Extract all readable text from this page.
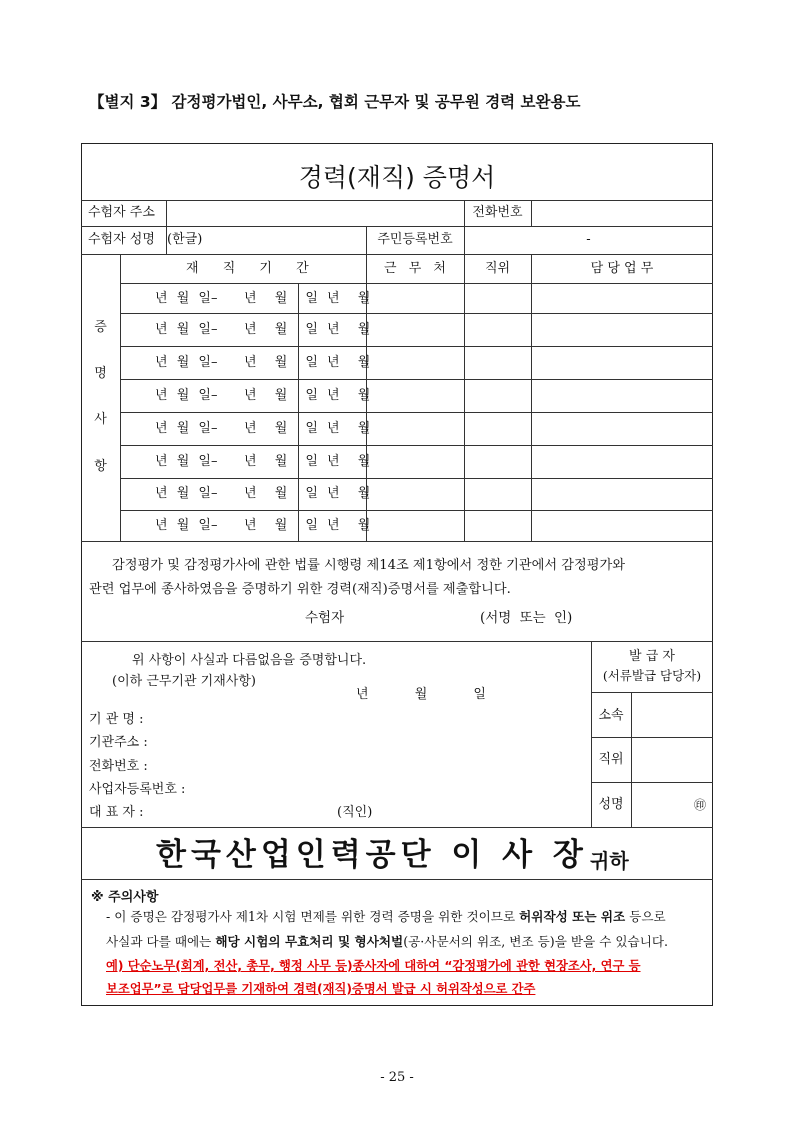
【별지 3】 감정평가법인, 사무소, 협회 근무자 및 공무원 경력 보완용도
경력(재직) 증명서
수험자 주소	전화번호
수험자 성명 (한글)	주민등록번호	-
증
명
사
항
재 직 기 간	근 무 처	직위	담 당 업 무
년 월 일– 년 월 일 년 월
년 월 일– 년 월 일 년 월
년 월 일– 년 월 일 년 월
년 월 일– 년 월 일 년 월
년 월 일– 년 월 일 년 월
년 월 일– 년 월 일 년 월
년 월 일– 년 월 일 년 월
년 월 일– 년 월 일 년 월
감정평가 및 감정평가사에 관한 법률 시행령 제14조 제1항에서 정한 기관에서 감정평가와
관련 업무에 종사하였음을 증명하기 위한 경력(재직)증명서를 제출합니다.
수험자	(서명 또는 인)
위 사항이 사실과 다름없음을 증명합니다.
(이하 근무기관 기재사항)
년 월 일
기 관 명 :
기관주소 :
전화번호 :
사업자등록번호 :
대 표 자 :	(직인)
발 급 자
(서류발급 담당자)
소속
직위
성명	㊞
한국산업인력공단 이 사 장 귀하
※ 주의사항
- 이 증명은 감정평가사 제1차 시험 면제를 위한 경력 증명을 위한 것이므로 허위작성 또는 위조 등으로
사실과 다를 때에는 해당 시험의 무효처리 및 형사처벌(공·사문서의 위조, 변조 등)을 받을 수 있습니다.
예) 단순노무(회계, 전산, 총무, 행정 사무 등)종사자에 대하여 “감정평가에 관한 현장조사, 연구 등
보조업무”로 담당업무를 기재하여 경력(재직)증명서 발급 시 허위작성으로 간주
- 25 -
